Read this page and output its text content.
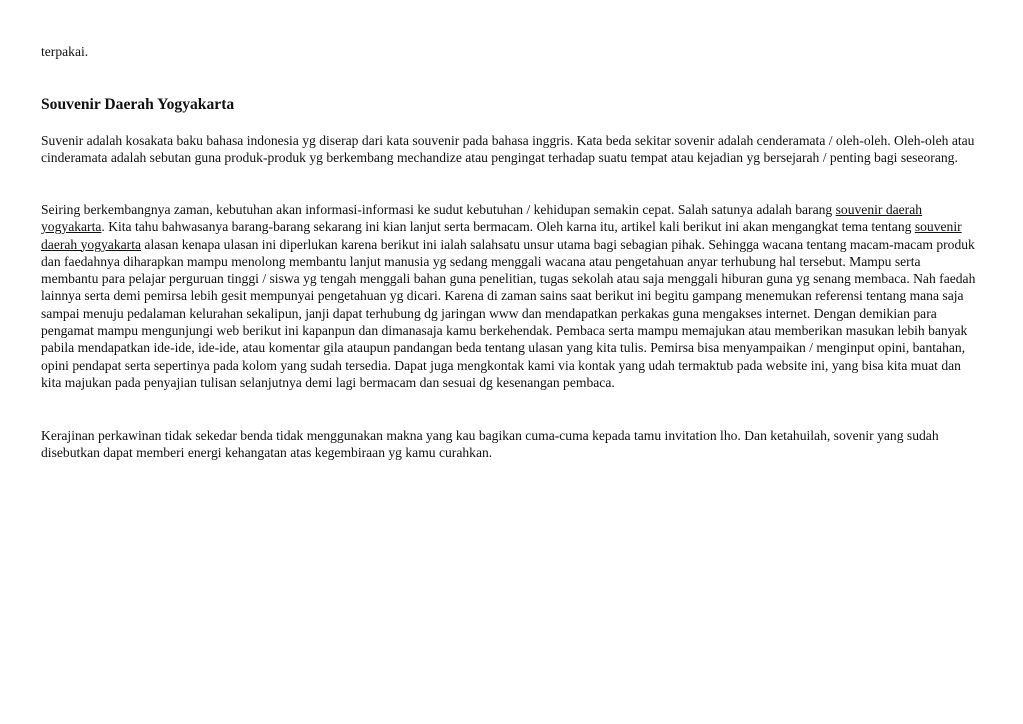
terpakai.

Souvenir Daerah Yogyakarta

Suvenir adalah kosakata baku bahasa indonesia yg diserap dari kata souvenir pada bahasa inggris. Kata beda sekitar sovenir adalah cenderamata / oleh-oleh. Oleh-oleh atau cinderamata adalah sebutan guna produk-produk yg berkembang mechandize atau pengingat terhadap suatu tempat atau kejadian yg bersejarah / penting bagi seseorang.

Seiring berkembangnya zaman, kebutuhan akan informasi-informasi ke sudut kebutuhan / kehidupan semakin cepat. Salah satunya adalah barang souvenir daerah yogyakarta. Kita tahu bahwasanya barang-barang sekarang ini kian lanjut serta bermacam. Oleh karna itu, artikel kali berikut ini akan mengangkat tema tentang souvenir daerah yogyakarta alasan kenapa ulasan ini diperlukan karena berikut ini ialah salahsatu unsur utama bagi sebagian pihak. Sehingga wacana tentang macam-macam produk dan faedahnya diharapkan mampu menolong membantu lanjut manusia yg sedang menggali wacana atau pengetahuan anyar terhubung hal tersebut. Mampu serta membantu para pelajar perguruan tinggi / siswa yg tengah menggali bahan guna penelitian, tugas sekolah atau saja menggali hiburan guna yg senang membaca. Nah faedah lainnya serta demi pemirsa lebih gesit mempunyai pengetahuan yg dicari. Karena di zaman sains saat berikut ini begitu gampang menemukan referensi tentang mana saja sampai menuju pedalaman kelurahan sekalipun, janji dapat terhubung dg jaringan www dan mendapatkan perkakas guna mengakses internet. Dengan demikian para pengamat mampu mengunjungi web berikut ini kapanpun dan dimanasaja kamu berkehendak. Pembaca serta mampu memajukan atau memberikan masukan lebih banyak pabila mendapatkan ide-ide, ide-ide, atau komentar gila ataupun pandangan beda tentang ulasan yang kita tulis. Pemirsa bisa menyampaikan / menginput opini, bantahan, opini pendapat serta sepertinya pada kolom yang sudah tersedia. Dapat juga mengkontak kami via kontak yang udah termaktub pada website ini, yang bisa kita muat dan kita majukan pada penyajian tulisan selanjutnya demi lagi bermacam dan sesuai dg kesenangan pembaca.

Kerajinan perkawinan tidak sekedar benda tidak menggunakan makna yang kau bagikan cuma-cuma kepada tamu invitation lho. Dan ketahuilah, sovenir yang sudah disebutkan dapat memberi energi kehangatan atas kegembiraan yg kamu curahkan.
